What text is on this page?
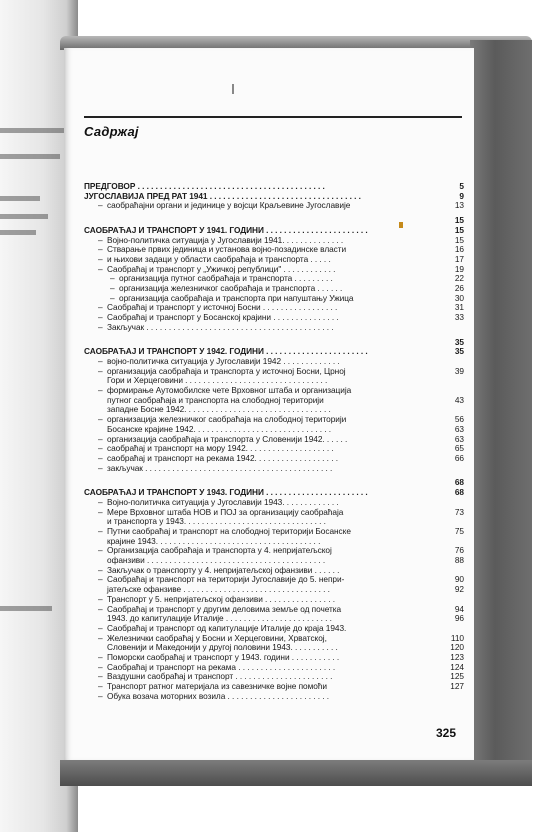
Садржај
ПРЕДГОВОР . . . . . . . . . . . . . . . . . . . . . . . . . . . . . . . . . . . . . . . . . .	5
ЈУГОСЛАВИЈА ПРЕД РАТ 1941 . . . . . . . . . . . . . . . . . . . . . . . . . . . . . . . . . .	9
– саобраћајни органи и јединице у војсци Краљевине Југославије	13
15
САОБРАЋАЈ И ТРАНСПОРТ У 1941. ГОДИНИ . . . . . . . . . . . . . . . . . . . . . . .	15
– Војно-политичка ситуација у Југославији 1941. . . . . . . . . . . . . .	15
– Стварање првих јединица и установа војно-позадинске власти	16
– и њихови задаци у области саобраћаја и транспорта . . . . .	17
– Саобраћај и транспорт у „Ужичкој републици" . . . . . . . . . . . .	19
– организација путног саобраћаја и транспорта . . . . . . . . .	22
– организација железничког саобраћаја и транспорта . . . . . .	26
– организација саобраћаја и транспорта при напуштању Ужица	30
– Саобраћај и транспорт у источној Босни . . . . . . . . . . . . . . . . .	31
– Саобраћај и транспорт у Босанској крајини . . . . . . . . . . . . . . .	33
– Закључак . . . . . . . . . . . . . . . . . . . . . . . . . . . . . . . . . . . . . . . . . .
35
САОБРАЋАЈ И ТРАНСПОРТ У 1942. ГОДИНИ . . . . . . . . . . . . . . . . . . . . . . .	35
– војно-политичка ситуација у Југославији 1942 . . . . . . . . . . . . .
– организација саобраћаја и транспорта у источној Босни, Црној	39
Гори и Херцеговини . . . . . . . . . . . . . . . . . . . . . . . . . . . . . . . .
– формирање Аутомобилске чете Врховног штаба и организација
путног саобраћаја и транспорта на слободној територији	43
западне Босне 1942. . . . . . . . . . . . . . . . . . . . . . . . . . . . . . . . .
– организација железничког саобраћаја на слободној територији	56
Босанске крајине 1942. . . . . . . . . . . . . . . . . . . . . . . . . . . . . . .	63
– организација саобраћаја и транспорта у Словенији 1942. . . . . .	63
– саобраћај и транспорт на мору 1942. . . . . . . . . . . . . . . . . . . .	65
– саобраћај и транспорт на рекама 1942. . . . . . . . . . . . . . . . . . .	66
– закључак . . . . . . . . . . . . . . . . . . . . . . . . . . . . . . . . . . . . . . . . . .
68
САОБРАЋАЈ И ТРАНСПОРТ У 1943. ГОДИНИ . . . . . . . . . . . . . . . . . . . . . . .	68
– Војно-политичка ситуација у Југославији 1943. . . . . . . . . . . . .
– Мере Врховног штаба НОВ и ПОЈ за организацију саобраћаја	73
и транспорта у 1943. . . . . . . . . . . . . . . . . . . . . . . . . . . . . . . .
– Путни саобраћај и транспорт на слободној територији Босанске	75
крајине 1943. . . . . . . . . . . . . . . . . . . . . . . . . . . . . . . . . . . . .
– Организација саобраћаја и транспорта у 4. непријатељској	76
офанзиви . . . . . . . . . . . . . . . . . . . . . . . . . . . . . . . . . . . . . . . .	88
– Закључак о транспорту у 4. непријатељској офанзиви . . . . . .
– Саобраћај и транспорт на територији Југославије до 5. непри-	90
јатељске офанзиве . . . . . . . . . . . . . . . . . . . . . . . . . . . . . . . . .	92
– Транспорт у 5. непријатељској офанзиви . . . . . . . . . . . . . . . .
– Саобраћај и транспорт у другим деловима земље од почетка	94
1943. до капитулације Италије . . . . . . . . . . . . . . . . . . . . . . . .	96
– Саобраћај и транспорт од капитулације Италије до краја 1943.
– Железнички саобраћај у Босни и Херцеговини, Хрватској,	110
Словенији и Македонији у другој половини 1943. . . . . . . . . . .	120
– Поморски саобраћај и транспорт у 1943. години . . . . . . . . . . .	123
– Саобраћај и транспорт на рекама . . . . . . . . . . . . . . . . . . . . . .	124
– Ваздушни саобраћај и транспорт . . . . . . . . . . . . . . . . . . . . . .	125
– Транспорт ратног материјала из савезничке војне помоћи	127
– Обука возача моторних возила . . . . . . . . . . . . . . . . . . . . . . .
325
